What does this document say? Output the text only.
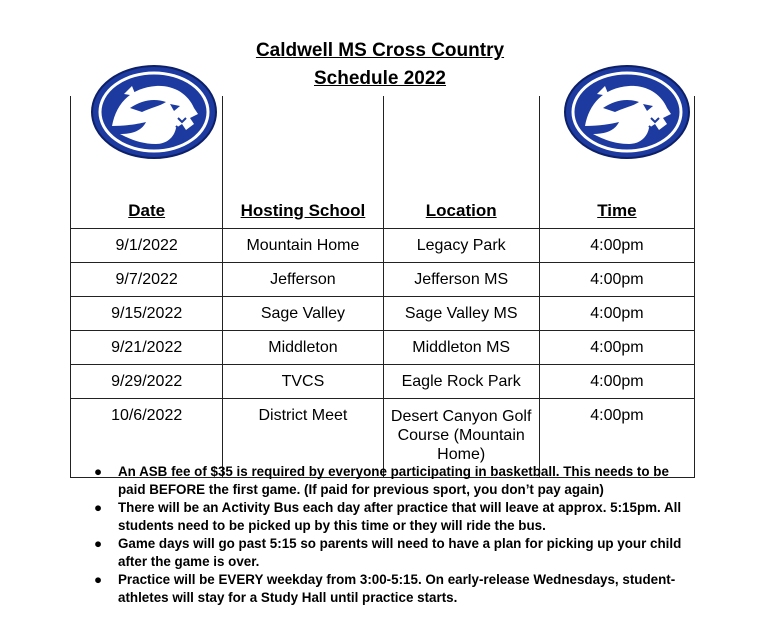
Caldwell MS Cross Country
Schedule 2022
Date	Hosting School	Location	Time
9/1/2022	Mountain Home	Legacy Park	4:00pm
9/7/2022	Jefferson	Jefferson MS	4:00pm
9/15/2022	Sage Valley	Sage Valley MS	4:00pm
9/21/2022	Middleton	Middleton MS	4:00pm
9/29/2022	TVCS	Eagle Rock Park	4:00pm
10/6/2022	District Meet	Desert Canyon Golf Course (Mountain Home)	4:00pm
● An ASB fee of $35 is required by everyone participating in basketball. This needs to be paid BEFORE the first game. (If paid for previous sport, you don’t pay again)
● There will be an Activity Bus each day after practice that will leave at approx. 5:15pm. All students need to be picked up by this time or they will ride the bus.
● Game days will go past 5:15 so parents will need to have a plan for picking up your child after the game is over.
● Practice will be EVERY weekday from 3:00-5:15. On early-release Wednesdays, student-athletes will stay for a Study Hall until practice starts.
